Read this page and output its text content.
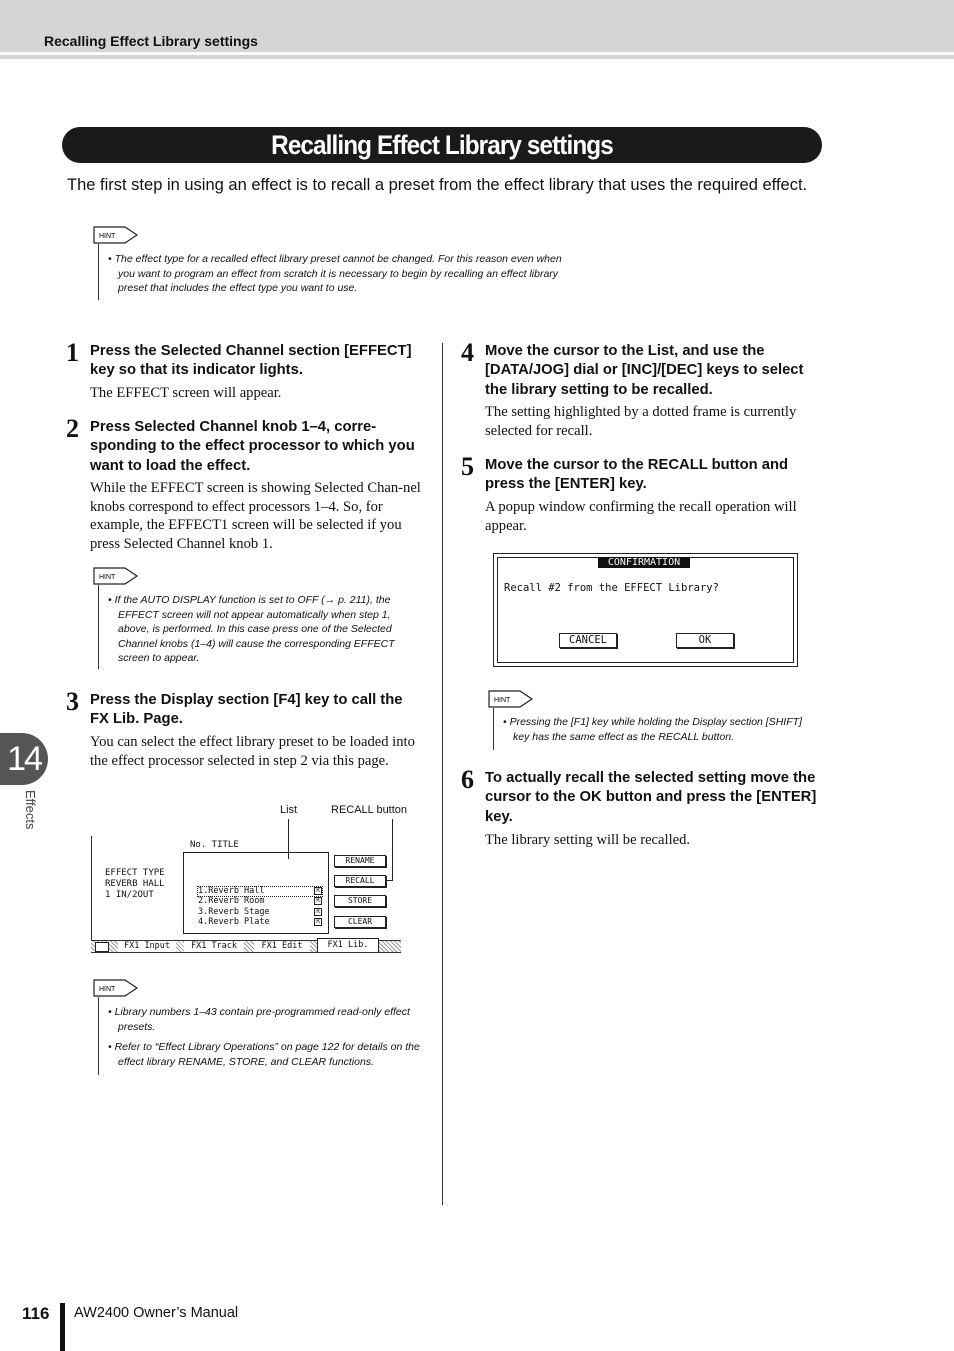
Recalling Effect Library settings
Recalling Effect Library settings
The first step in using an effect is to recall a preset from the effect library that uses the required effect.
HINT

• The effect type for a recalled effect library preset cannot be changed. For this reason even when you want to program an effect from scratch it is necessary to begin by recalling an effect library preset that includes the effect type you want to use.

1 Press the Selected Channel section [EFFECT] key so that its indicator lights.
The EFFECT screen will appear.
2 Press Selected Channel knob 1–4, corre-sponding to the effect processor to which you want to load the effect.
While the EFFECT screen is showing Selected Chan-nel knobs correspond to effect processors 1–4. So, for example, the EFFECT1 screen will be selected if you press Selected Channel knob 1.
HINT

• If the AUTO DISPLAY function is set to OFF (→ p. 211), the EFFECT screen will not appear automatically when step 1, above, is performed. In this case press one of the Selected Channel knobs (1–4) will cause the corresponding EFFECT screen to appear.

3 Press the Display section [F4] key to call the FX Lib. Page.
You can select the effect library preset to be loaded into the effect processor selected in step 2 via this page.
List	RECALL button
No. TITLE
EFFECT TYPE
REVERB HALL
1 IN/2OUT	1.Reverb Hall
2.Reverb Room
3.Reverb Stage
4.Reverb Plate
R
R
R
R
RENAME
RECALL
STORE
CLEAR
FX1 Input	FX1 Track	FX1 Edit	FX1 Lib.
HINT

• Library numbers 1–43 contain pre-programmed read-only effect presets.

• Refer to “Effect Library Operations” on page 122 for details on the effect library RENAME, STORE, and CLEAR functions.

4 Move the cursor to the List, and use the [DATA/JOG] dial or [INC]/[DEC] keys to select the library setting to be recalled.
The setting highlighted by a dotted frame is currently selected for recall.
5 Move the cursor to the RECALL button and press the [ENTER] key.
A popup window confirming the recall operation will appear.
CONFIRMATION
Recall #2 from the EFFECT Library?
CANCEL	OK
HINT

• Pressing the [F1] key while holding the Display section [SHIFT] key has the same effect as the RECALL button.

6 To actually recall the selected setting move the cursor to the OK button and press the [ENTER] key.
The library setting will be recalled.
14
Effects
116 AW2400 Owner’s Manual
